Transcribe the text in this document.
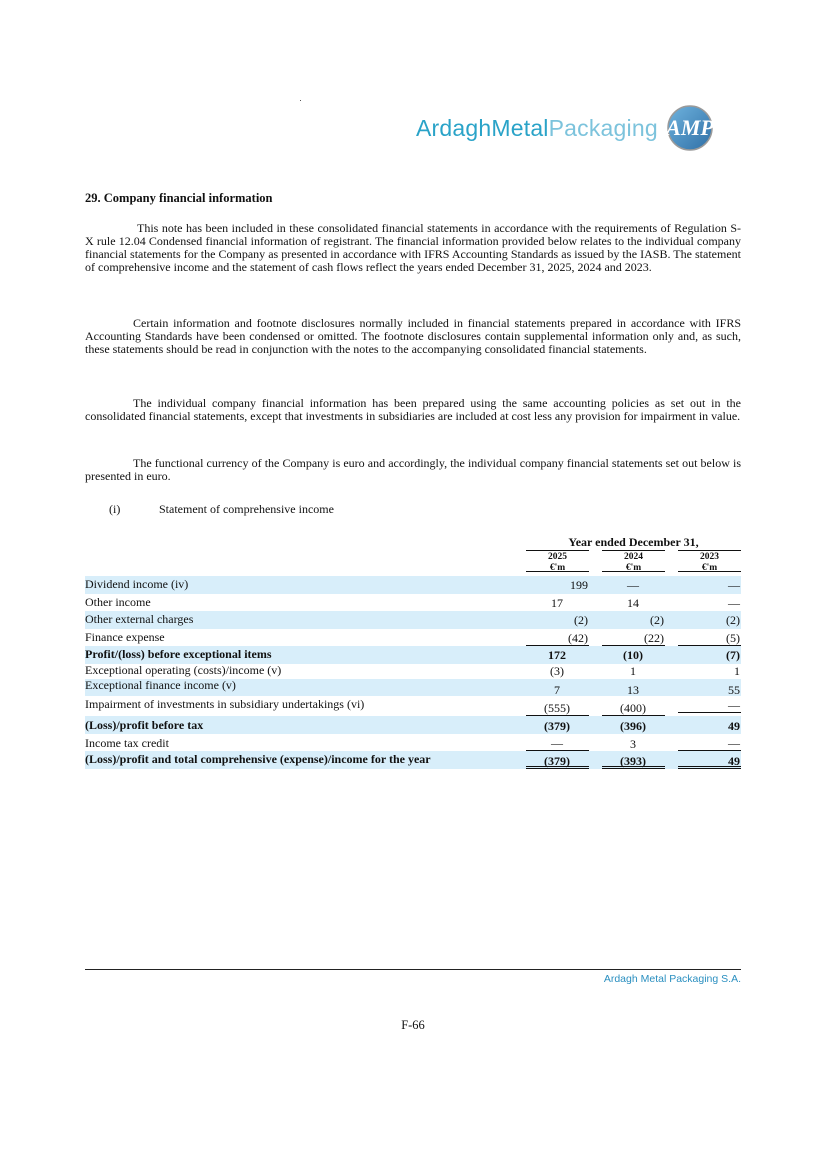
ArdaghMetalPackaging AMP
29. Company financial information

This note has been included in these consolidated financial statements in accordance with the requirements of Regulation S-X rule 12.04 Condensed financial information of registrant. The financial information provided below relates to the individual company financial statements for the Company as presented in accordance with IFRS Accounting Standards as issued by the IASB. The statement of comprehensive income and the statement of cash flows reflect the years ended December 31, 2025, 2024 and 2023.

Certain information and footnote disclosures normally included in financial statements prepared in accordance with IFRS Accounting Standards have been condensed or omitted. The footnote disclosures contain supplemental information only and, as such, these statements should be read in conjunction with the notes to the accompanying consolidated financial statements.

The individual company financial information has been prepared using the same accounting policies as set out in the consolidated financial statements, except that investments in subsidiaries are included at cost less any provision for impairment in value.

The functional currency of the Company is euro and accordingly, the individual company financial statements set out below is presented in euro.

(i)	Statement of comprehensive income
Year ended December 31,
2025
€'m
2024
€'m
2023
€'m
Dividend income (iv)	199	—	—
Other income	17	14	—
Other external charges	(2)	(2)	(2)
Finance expense	(42)	(22)	(5)
Profit/(loss) before exceptional items	172	(10)	(7)
Exceptional operating (costs)/income (v)	(3)	1	1
Exceptional finance income (v)	7	13	55
Impairment of investments in subsidiary undertakings (vi)	(555)	(400)	—
(Loss)/profit before tax	(379)	(396)	49
Income tax credit	—	3	—
(Loss)/profit and total comprehensive (expense)/income for the year	(379)	(393)	49
Ardagh Metal Packaging S.A.
F-66
